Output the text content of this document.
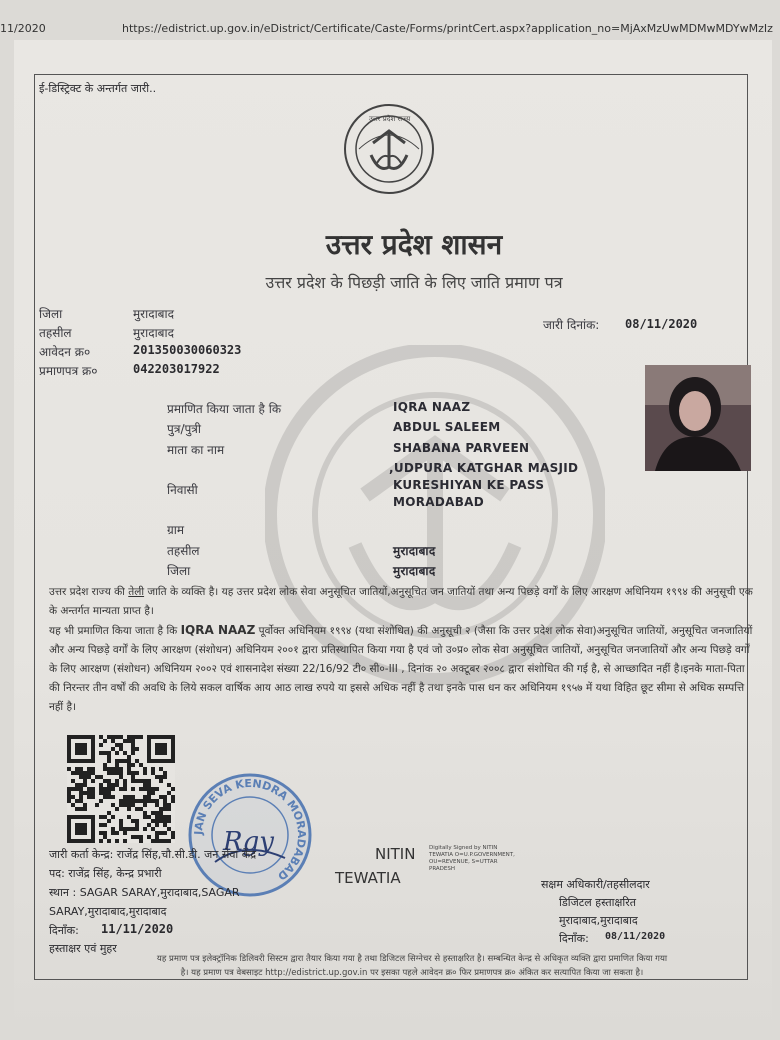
11/2020	https://edistrict.up.gov.in/eDistrict/Certificate/Caste/Forms/printCert.aspx?application_no=MjAxMzUwMDMwMDYwMzIz
ई-डिस्ट्रिक्ट के अन्तर्गत जारी..
उत्तर प्रदेश राज्य
उत्तर प्रदेश शासन
उत्तर प्रदेश के पिछड़ी जाति के लिए जाति प्रमाण पत्र
जिला	मुरादाबाद
तहसील	मुरादाबाद
आवेदन क्र०	201350030060323
प्रमाणपत्र क्र०	042203017922
जारी दिनांक: 08/11/2020
प्रमाणित किया जाता है कि	IQRA NAAZ
पुत्र/पुत्री	ABDUL SALEEM
माता का नाम	SHABANA PARVEEN
,UDPURA KATGHAR MASJID
निवासी	KURESHIYAN KE PASS
MORADABAD
ग्राम
तहसील	मुरादाबाद
जिला	मुरादाबाद
उत्तर प्रदेश राज्य की तेली जाति के व्यक्ति है। यह उत्तर प्रदेश लोक सेवा अनुसूचित जातियों,अनुसूचित जन जातियों तथा अन्य पिछड़े वर्गों के लिए आरक्षण अधिनियम १९९४ की अनुसूची एक के अन्तर्गत मान्यता प्राप्त है।
यह भी प्रमाणित किया जाता है कि IQRA NAAZ पूर्वोक्त अधिनियम १९९४ (यथा संशोधित) की अनुसूची २ (जैसा कि उत्तर प्रदेश लोक सेवा)अनुसूचित जातियों, अनुसूचित जनजातियों और अन्य पिछड़े वर्गों के लिए आरक्षण (संशोधन) अधिनियम २००१ द्वारा प्रतिस्थापित किया गया है एवं जो उ०प्र० लोक सेवा अनुसूचित जातियों, अनुसूचित जनजातियों और अन्य पिछड़े वर्गों के लिए आरक्षण (संशोधन) अधिनियम २००२ एवं शासनादेश संख्या 22/16/92 टी० सी०-III , दिनांक २० अक्टूबर २००८ द्वारा संशोधित की गई है, से आच्छादित नहीं है।इनके माता-पिता की निरन्तर तीन वर्षों की अवधि के लिये सकल वार्षिक आय आठ लाख रुपये या इससे अधिक नहीं है तथा इनके पास धन कर अधिनियम १९५७ में यथा विहित छूट सीमा से अधिक सम्पत्ति नहीं है।
JAN SEVA KENDRA MORADABAD
Rgy
जारी कर्ता केन्द्र: राजेंद्र सिंह,चौ.सी.डी. जन सेवा केंद्र
पद: राजेंद्र सिंह, केन्द्र प्रभारी
स्थान : SAGAR SARAY,मुरादाबाद,SAGAR
SARAY,मुरादाबाद,मुरादाबाद
दिनाँक: 11/11/2020
हस्ताक्षर एवं मुहर
NITIN
TEWATIA
Digitally Signed by NITIN TEWATIA O=U.P.GOVERNMENT, OU=REVENUE, S=UTTAR PRADESH
सक्षम अधिकारी/तहसीलदार
डिजिटल हस्ताक्षरित
मुरादाबाद,मुरादाबाद
दिनाँक: 08/11/2020
यह प्रमाण पत्र इलेक्ट्रॉनिक डिलिवरी सिस्टम द्वारा तैयार किया गया है तथा डिजिटल सिग्नेचर से हस्ताक्षरित है। सम्बन्धित केन्द्र से अधिकृत व्यक्ति द्वारा प्रमाणित किया गया
है। यह प्रमाण पत्र वेबसाइट http://edistrict.up.gov.in पर इसका पहले आवेदन क्र० फिर प्रमाणपत्र क्र० अंकित कर सत्यापित किया जा सकता है।
